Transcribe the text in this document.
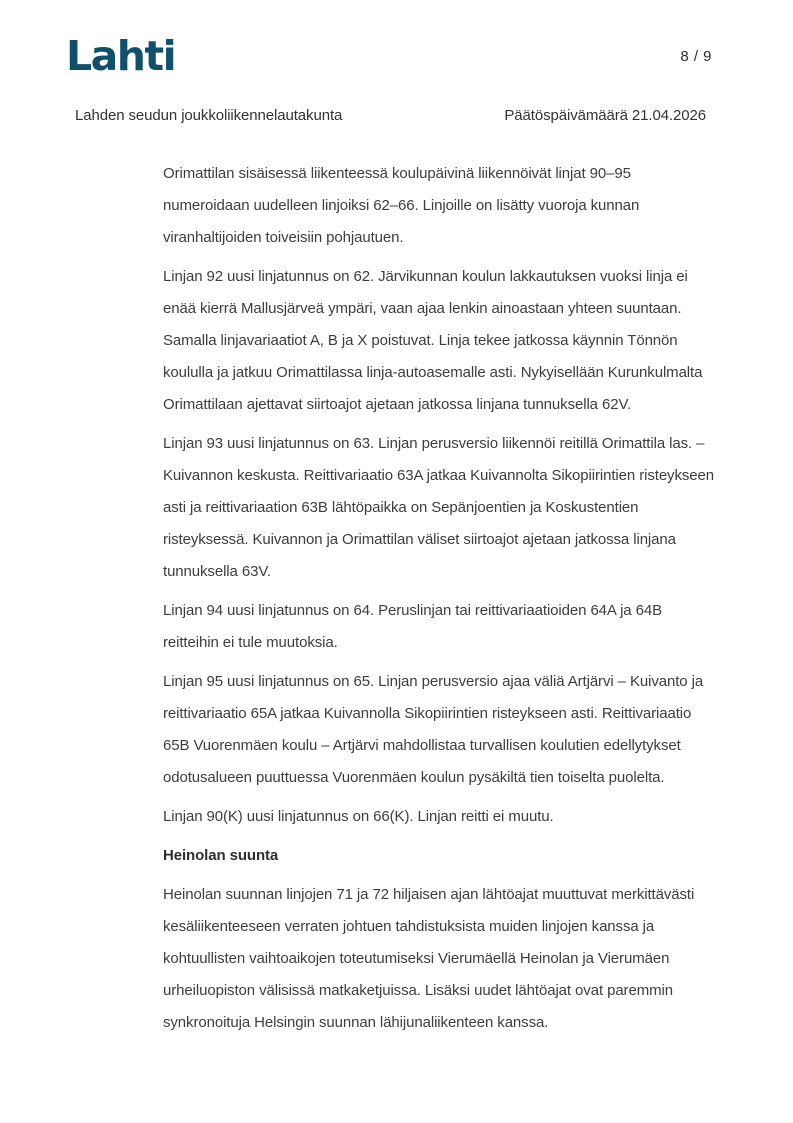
Lahti	8 / 9
Lahden seudun joukkoliikennelautakunta	Päätöspäivämäärä 21.04.2026

Orimattilan sisäisessä liikenteessä koulupäivinä liikennöivät linjat 90–95 numeroidaan uudelleen linjoiksi 62–66. Linjoille on lisätty vuoroja kunnan viranhaltijoiden toiveisiin pohjautuen.

Linjan 92 uusi linjatunnus on 62. Järvikunnan koulun lakkautuksen vuoksi linja ei enää kierrä Mallusjärveä ympäri, vaan ajaa lenkin ainoastaan yhteen suuntaan. Samalla linjavariaatiot A, B ja X poistuvat. Linja tekee jatkossa käynnin Tönnön koululla ja jatkuu Orimattilassa linja-autoasemalle asti. Nykyisellään Kurunkulmalta Orimattilaan ajettavat siirtoajot ajetaan jatkossa linjana tunnuksella 62V.

Linjan 93 uusi linjatunnus on 63. Linjan perusversio liikennöi reitillä Orimattila las. – Kuivannon keskusta. Reittivariaatio 63A jatkaa Kuivannolta Sikopiirintien risteykseen asti ja reittivariaation 63B lähtöpaikka on Sepänjoentien ja Koskustentien risteyksessä. Kuivannon ja Orimattilan väliset siirtoajot ajetaan jatkossa linjana tunnuksella 63V.

Linjan 94 uusi linjatunnus on 64. Peruslinjan tai reittivariaatioiden 64A ja 64B reitteihin ei tule muutoksia.

Linjan 95 uusi linjatunnus on 65. Linjan perusversio ajaa väliä Artjärvi – Kuivanto ja reittivariaatio 65A jatkaa Kuivannolla Sikopiirintien risteykseen asti. Reittivariaatio 65B Vuorenmäen koulu – Artjärvi mahdollistaa turvallisen koulutien edellytykset odotusalueen puuttuessa Vuorenmäen koulun pysäkiltä tien toiselta puolelta.

Linjan 90(K) uusi linjatunnus on 66(K). Linjan reitti ei muutu.

Heinolan suunta

Heinolan suunnan linjojen 71 ja 72 hiljaisen ajan lähtöajat muuttuvat merkittävästi kesäliikenteeseen verraten johtuen tahdistuksista muiden linjojen kanssa ja kohtuullisten vaihtoaikojen toteutumiseksi Vierumäellä Heinolan ja Vierumäen urheiluopiston välisissä matkaketjuissa. Lisäksi uudet lähtöajat ovat paremmin synkronoituja Helsingin suunnan lähijunaliikenteen kanssa.
